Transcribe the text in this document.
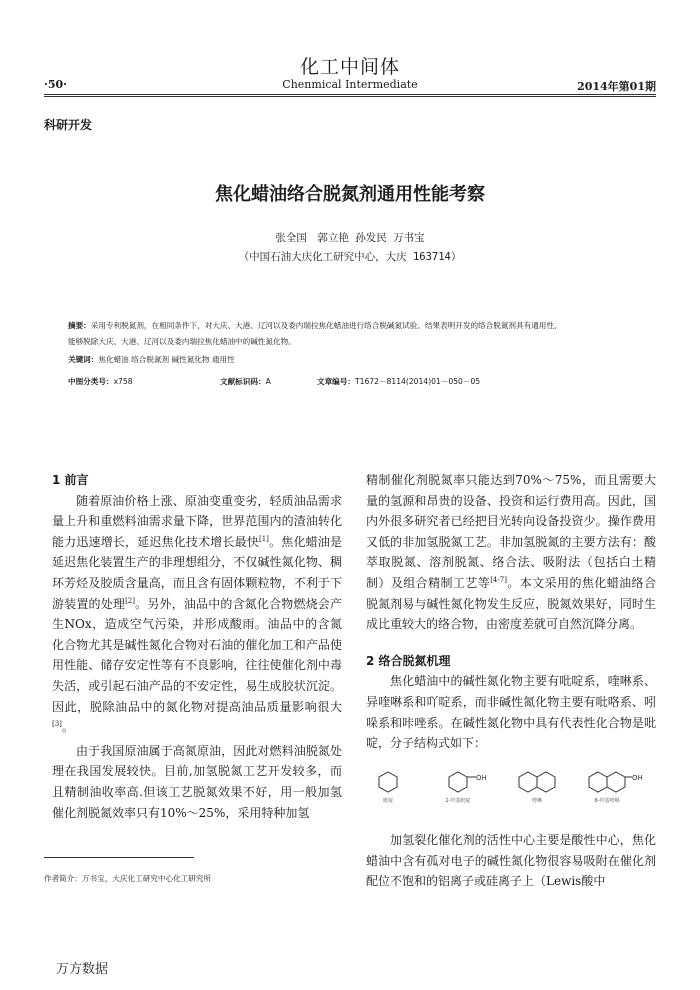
化工中间体
·50·	Chenmical Intermediate	2014年第01期
科研开发
焦化蜡油络合脱氮剂通用性能考察
张全国　郭立艳 孙发民 万书宝
（中国石油大庆化工研究中心，大庆 163714）
摘要：采用专利脱氮剂，在相同条件下，对大庆、大港、辽河以及委内瑞拉焦化蜡油进行络合脱碱氮试验。结果表明开发的络合脱氮剂具有通用性，
能够脱除大庆、大港、辽河以及委内瑞拉焦化蜡油中的碱性氮化物。
关键词：焦化蜡油 络合脱氮剂 碱性氮化物 通用性
中图分类号：x758	文献标识码：A	文章编号：T1672－8114(2014)01－050－05

1 前言

随着原油价格上涨、原油变重变劣，轻质油品需求量上升和重燃料油需求量下降，世界范围内的渣油转化能力迅速增长，延迟焦化技术增长最快[1]。焦化蜡油是延迟焦化装置生产的非理想组分，不仅碱性氮化物、稠环芳烃及胶质含量高，而且含有固体颗粒物，不利于下游装置的处理[2]。另外，油品中的含氮化合物燃烧会产生NOx，造成空气污染，并形成酸雨。油品中的含氮化合物尤其是碱性氮化合物对石油的催化加工和产品使用性能、储存安定性等有不良影响，往往使催化剂中毒失活，或引起石油产品的不安定性，易生成胶状沉淀。因此，脱除油品中的氮化物对提高油品质量影响很大[3]。

由于我国原油属于高氮原油，因此对燃料油脱氮处理在我国发展较快。目前,加氢脱氮工艺开发较多，而且精制油收率高.但该工艺脱氮效果不好，用一般加氢催化剂脱氮效率只有10%～25%，采用特种加氢

精制催化剂脱氮率只能达到70%～75%，而且需要大量的氢源和昂贵的设备、投资和运行费用高。因此，国内外很多研究者已经把目光转向设备投资少。操作费用又低的非加氢脱氮工艺。非加氢脱氮的主要方法有：酸萃取脱氮、溶剂脱氮、络合法、吸附法（包括白土精制）及组合精制工艺等[4-7]。本文采用的焦化蜡油络合脱氮剂易与碱性氮化物发生反应，脱氮效果好，同时生成比重较大的络合物，由密度差就可自然沉降分离。

2 络合脱氮机理

焦化蜡油中的碱性氮化物主要有吡啶系，喹啉系、异喹啉系和吖啶系，而非碱性氮化物主要有吡咯系、吲哚系和咔唑系。在碱性氮化物中具有代表性化合物是吡啶，分子结构式如下：

OH	OH
吡啶	2-羟基吡啶	喹啉	8-羟基喹啉

加氢裂化催化剂的活性中心主要是酸性中心，焦化蜡油中含有孤对电子的碱性氮化物很容易吸附在催化剂配位不饱和的铝离子或硅离子上（Lewis酸中

作者简介：万书宝，大庆化工研究中心化工研究所
万方数据
